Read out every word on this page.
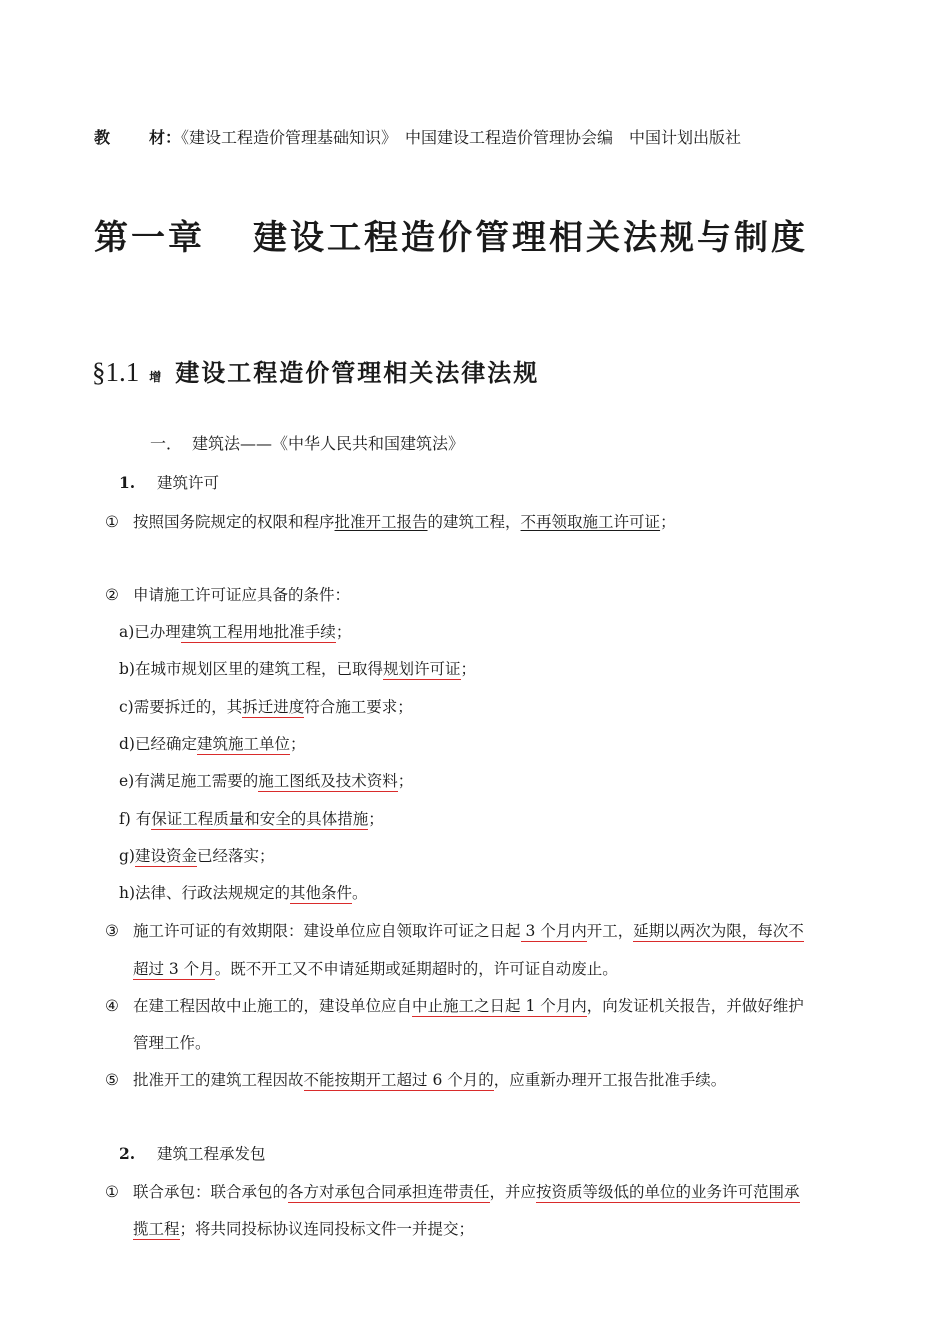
教 材：《建设工程造价管理基础知识》　中国建设工程造价管理协会编　中国计划出版社
第一章 建设工程造价管理相关法规与制度
§1.1 增 建设工程造价管理相关法律法规
一． 建筑法——《中华人民共和国建筑法》
1. 建筑许可
① 按照国务院规定的权限和程序批准开工报告的建筑工程，不再领取施工许可证；
② 申请施工许可证应具备的条件：
a)已办理建筑工程用地批准手续；
b)在城市规划区里的建筑工程，已取得规划许可证；
c)需要拆迁的，其拆迁进度符合施工要求；
d)已经确定建筑施工单位；
e)有满足施工需要的施工图纸及技术资料；
f) 有保证工程质量和安全的具体措施；
g)建设资金已经落实；
h)法律、行政法规规定的其他条件。
③ 施工许可证的有效期限：建设单位应自领取许可证之日起 3 个月内开工，延期以两次为限，每次不
超过 3 个月。既不开工又不申请延期或延期超时的，许可证自动废止。
④ 在建工程因故中止施工的，建设单位应自中止施工之日起 1 个月内，向发证机关报告，并做好维护
管理工作。
⑤ 批准开工的建筑工程因故不能按期开工超过 6 个月的，应重新办理开工报告批准手续。
2. 建筑工程承发包
① 联合承包：联合承包的各方对承包合同承担连带责任，并应按资质等级低的单位的业务许可范围承
揽工程；将共同投标协议连同投标文件一并提交；
